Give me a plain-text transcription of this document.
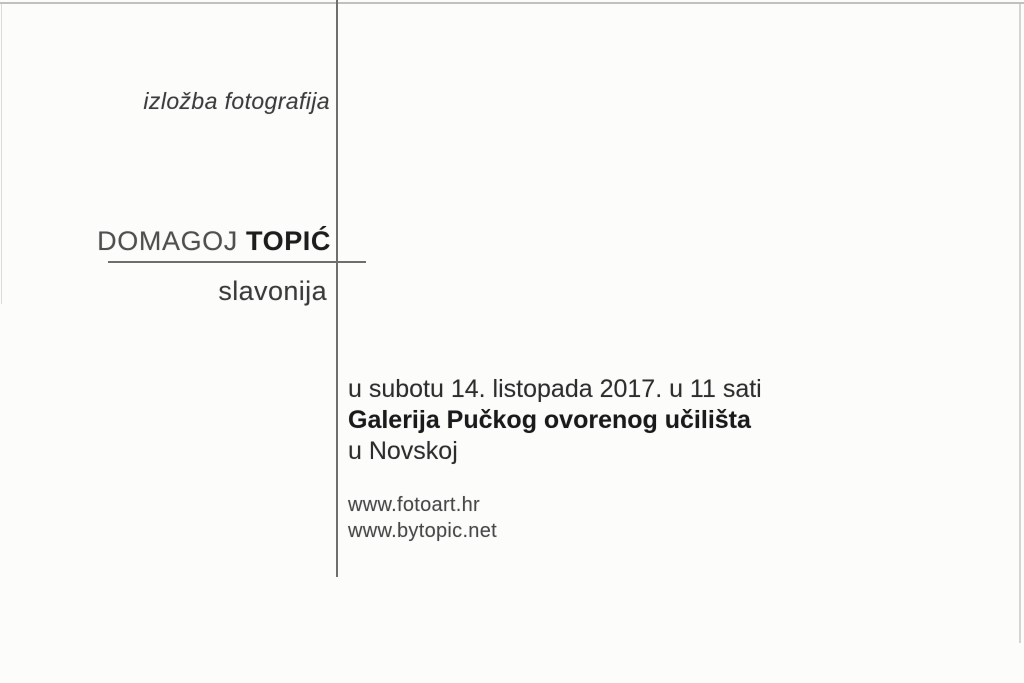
izložba fotografija
DOMAGOJ TOPIĆ
slavonija
u subotu 14. listopada 2017. u 11 sati
Galerija Pučkog ovorenog učilišta
u Novskoj
www.fotoart.hr
www.bytopic.net
